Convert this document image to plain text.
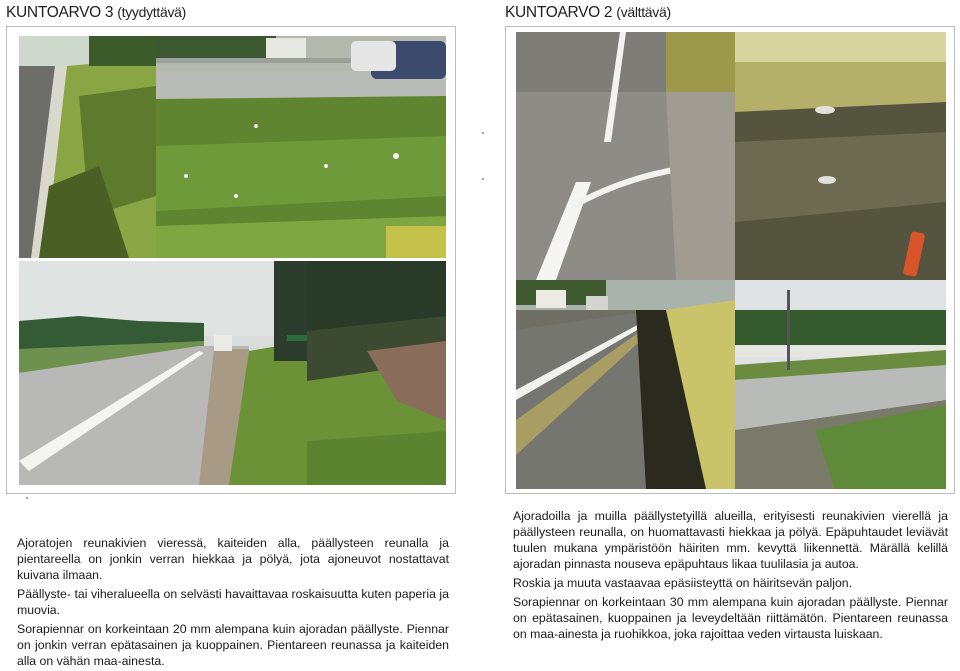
KUNTOARVO 3 (tyydyttävä)	KUNTOARVO 2 (välttävä)

Ajoratojen reunakivien vieressä, kaiteiden alla, päällysteen reunalla ja pientareella on jonkin verran hiekkaa ja pölyä, jota ajoneuvot nostattavat kuivana ilmaan.

Päällyste- tai viheralueella on selvästi havaittavaa roskaisuutta kuten paperia ja muovia.

Sorapiennar on korkeintaan 20 mm alempana kuin ajoradan päällyste. Piennar on jonkin verran epätasainen ja kuoppainen. Pientareen reunassa ja kaiteiden alla on vähän maa-ainesta.

Ajoradoilla ja muilla päällystetyillä alueilla, erityisesti reunakivien vierellä ja päällysteen reunalla, on huomattavasti hiekkaa ja pölyä. Epäpuhtaudet leviävät tuulen mukana ympäristöön häiriten mm. kevyttä liikennettä. Märällä kelillä ajoradan pinnasta nouseva epäpuhtaus likaa tuulilasia ja autoa.

Roskia ja muuta vastaavaa epäsiisteyttä on häiritsevän paljon.

Sorapiennar on korkeintaan 30 mm alempana kuin ajoradan päällyste. Piennar on epätasainen, kuoppainen ja leveydeltään riittämätön. Pientareen reunassa on maa-ainesta ja ruohikkoa, joka rajoittaa veden virtausta luiskaan.
